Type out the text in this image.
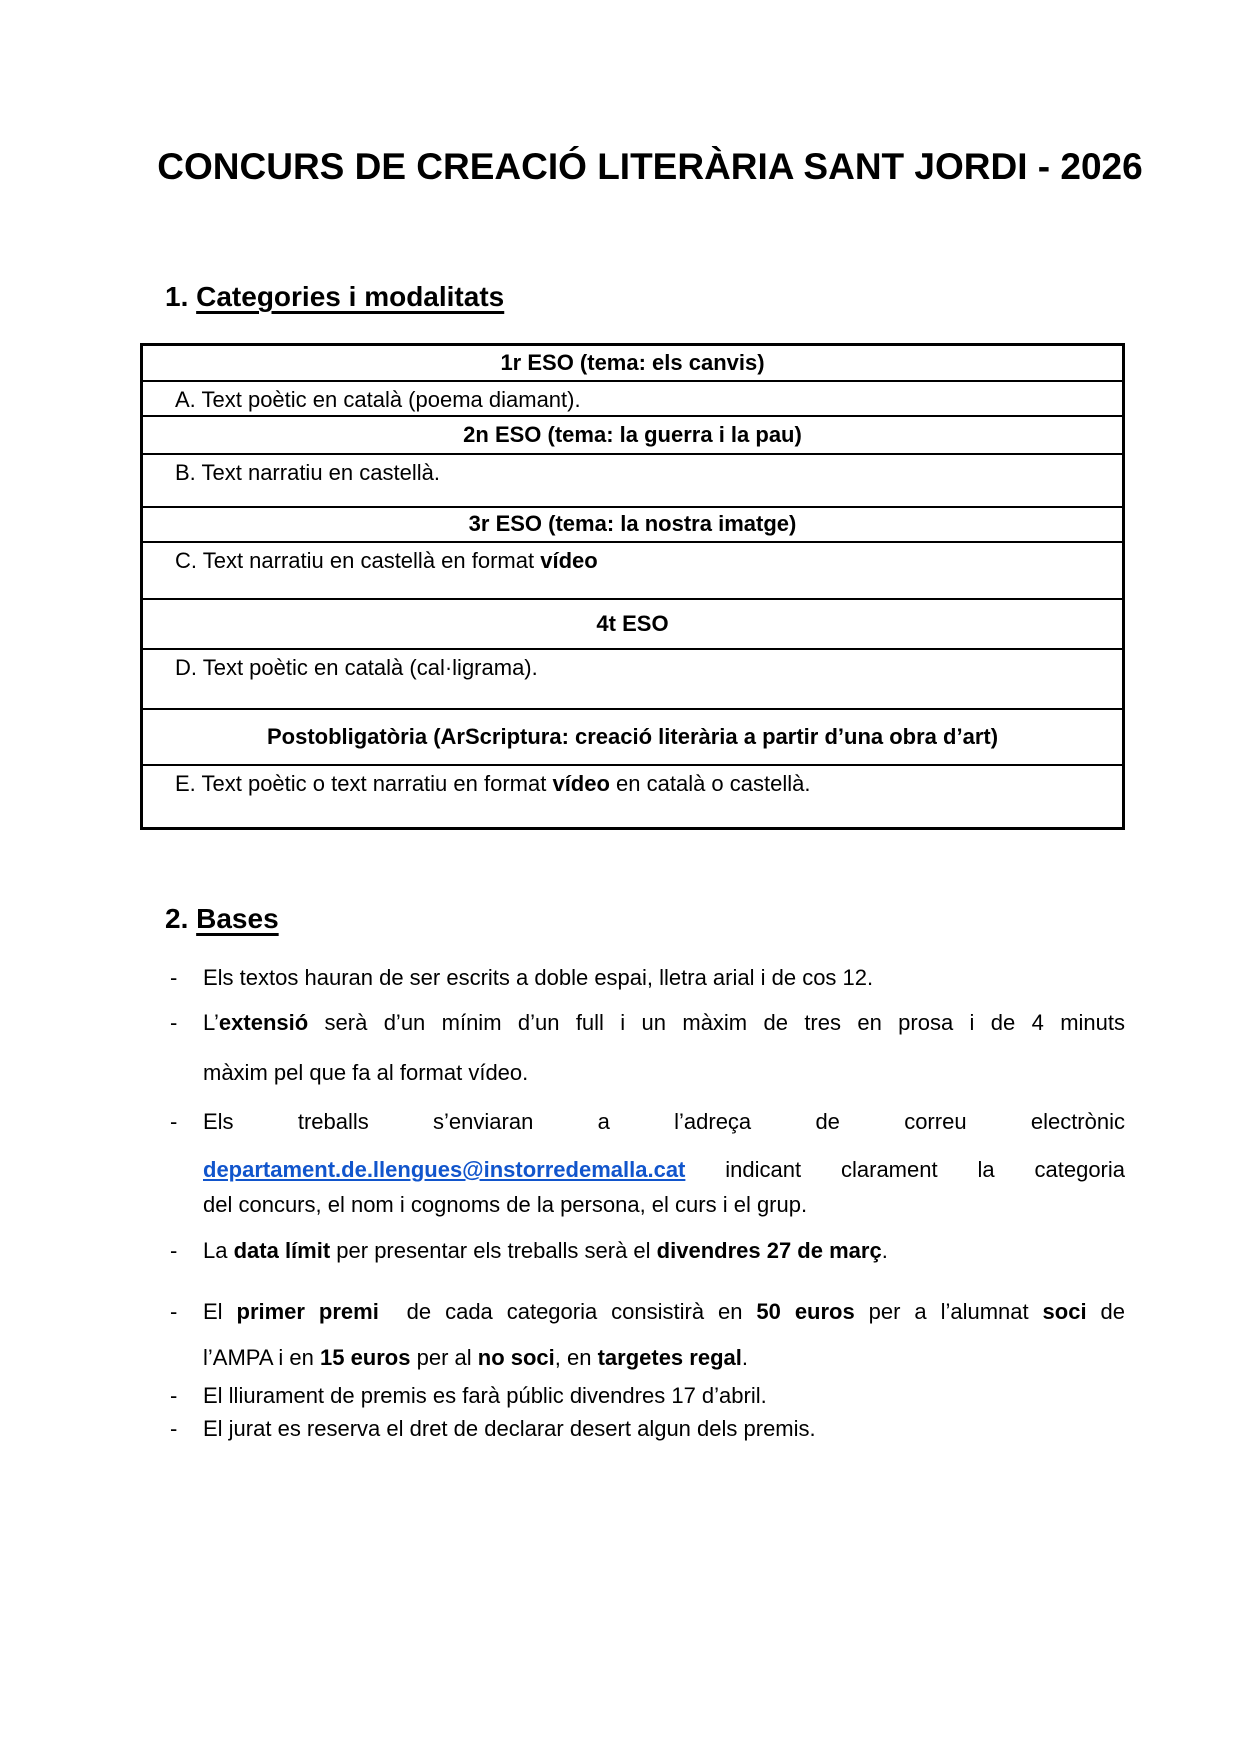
CONCURS DE CREACIÓ LITERÀRIA SANT JORDI - 2026
1. Categories i modalitats
1r ESO (tema: els canvis)
A. Text poètic en català (poema diamant).
2n ESO (tema: la guerra i la pau)
B. Text narratiu en castellà.
3r ESO (tema: la nostra imatge)
C. Text narratiu en castellà en format vídeo
4t ESO
D. Text poètic en català (cal·ligrama).
Postobligatòria (ArScriptura: creació literària a partir d’una obra d’art)
E. Text poètic o text narratiu en format vídeo en català o castellà.
2. Bases
- Els textos hauran de ser escrits a doble espai, lletra arial i de cos 12.
- L’extensió serà d’un mínim d’un full i un màxim de tres en prosa i de 4 minuts
màxim pel que fa al format vídeo.
- Els treballs s’enviaran a l’adreça de correu electrònic
departament.de.llengues@instorredemalla.cat indicant clarament la categoria
del concurs, el nom i cognoms de la persona, el curs i el grup.
- La data límit per presentar els treballs serà el divendres 27 de març.
- El primer premi  de cada categoria consistirà en 50 euros per a l’alumnat soci de
l’AMPA i en 15 euros per al no soci, en targetes regal.
- El lliurament de premis es farà públic divendres 17 d’abril.
- El jurat es reserva el dret de declarar desert algun dels premis.
